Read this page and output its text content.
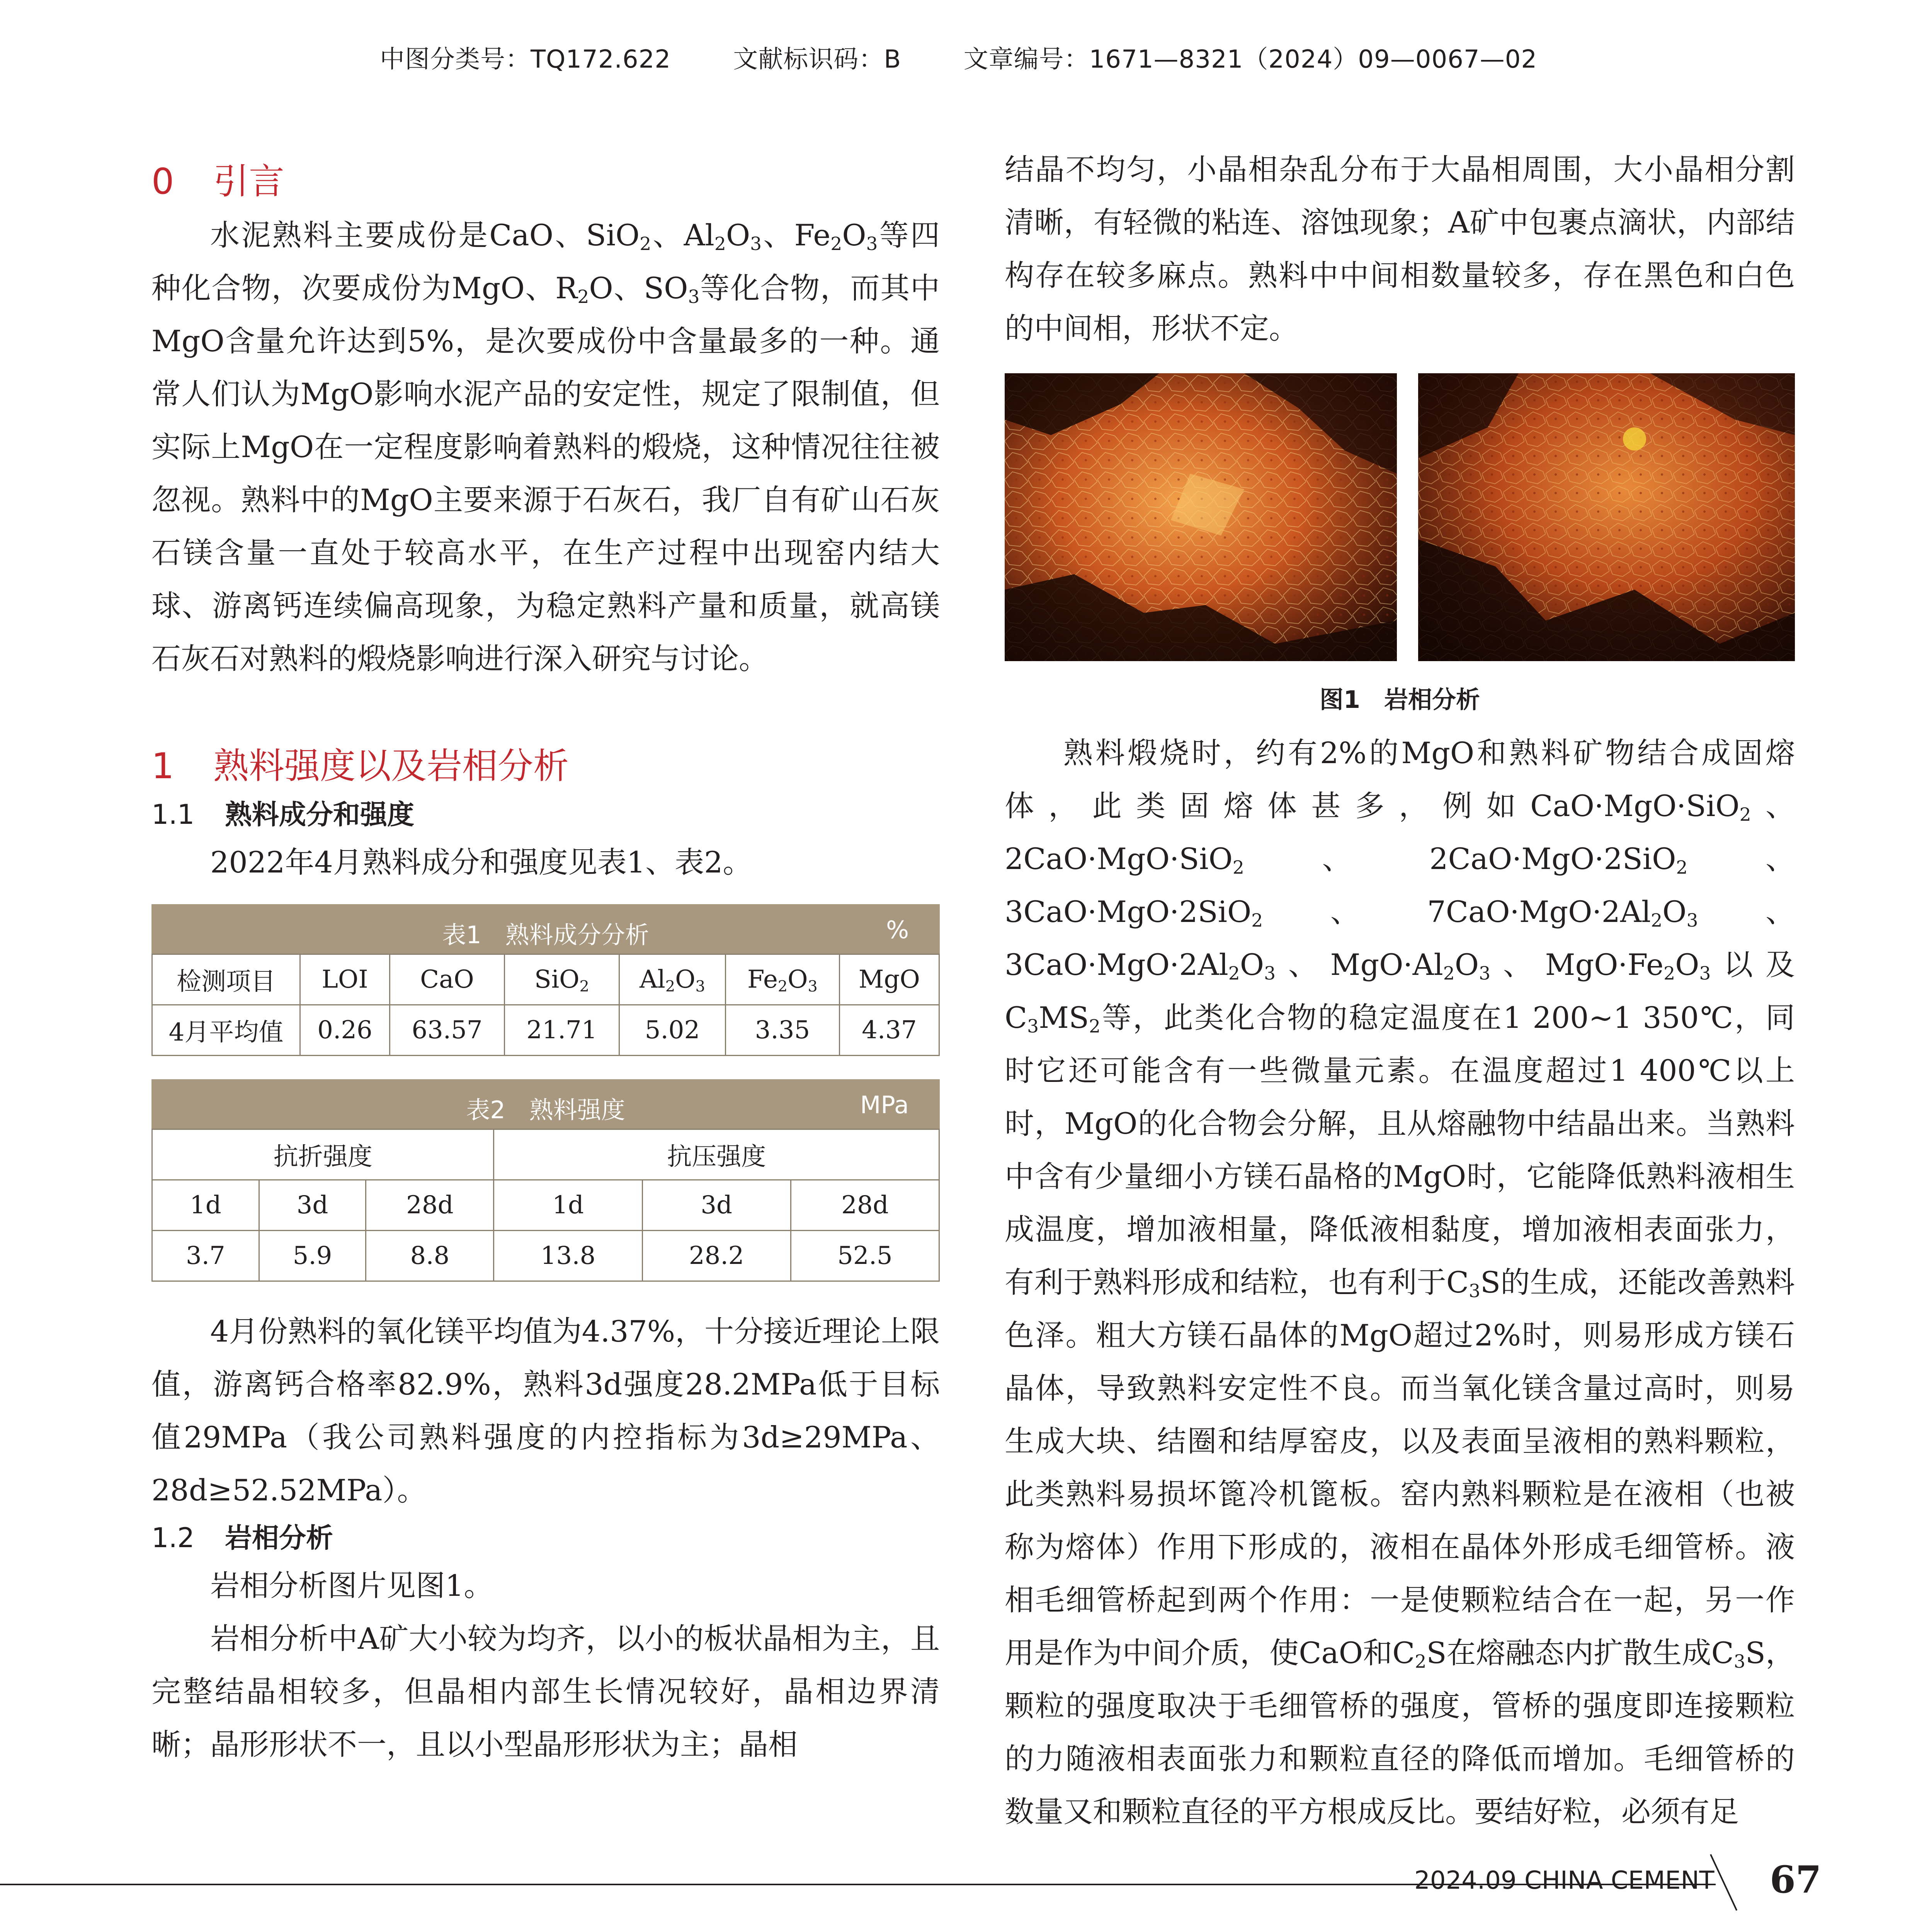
中图分类号：TQ172.622	文献标识码：B	文章编号：1671—8321（2024）09—0067—02
0 引言

水泥熟料主要成份是CaO、SiO$_2$、$Al_2O_3$、$Fe_2O_3$等四种化合物，次要成份为MgO、$R_2O$、$SO_3$等化合物，而其中MgO含量允许达到5%，是次要成份中含量最多的一种。通常人们认为MgO影响水泥产品的安定性，规定了限制值，但实际上MgO在一定程度影响着熟料的煅烧，这种情况往往被忽视。熟料中的MgO主要来源于石灰石，我厂自有矿山石灰石镁含量一直处于较高水平，在生产过程中出现窑内结大球、游离钙连续偏高现象，为稳定熟料产量和质量，就高镁石灰石对熟料的煅烧影响进行深入研究与讨论。

1 熟料强度以及岩相分析
1.1 熟料成分和强度

2022年4月熟料成分和强度见表1、表2。

表1　熟料成分分析	%
检测项目	LOI	CaO	SiO$_2$	$Al_2O_3$	$Fe_2O_3$	MgO
4月平均值	0.26	63.57	21.71	5.02	3.35	4.37
表2　熟料强度	MPa
抗折强度			抗压强度		
1d	3d	28d	1d	3d	28d
3.7	5.9	8.8	13.8	28.2	52.5

4月份熟料的氧化镁平均值为4.37%，十分接近理论上限值，游离钙合格率82.9%，熟料3d强度28.2MPa低于目标值29MPa（我公司熟料强度的内控指标为3d≥29MPa、28d≥52.52MPa）。

1.2 岩相分析

岩相分析图片见图1。

岩相分析中A矿大小较为均齐，以小的板状晶相为主，且完整结晶相较多，但晶相内部生长情况较好，晶相边界清晰；晶形形状不一，且以小型晶形形状为主；晶相

结晶不均匀，小晶相杂乱分布于大晶相周围，大小晶相分割清晰，有轻微的粘连、溶蚀现象；A矿中包裹点滴状，内部结构存在较多麻点。熟料中中间相数量较多，存在黑色和白色的中间相，形状不定。

图1　岩相分析

熟料煅烧时，约有2%的MgO和熟料矿物结合成固熔体，此类固熔体甚多，例如CaO·MgO·SiO$_2$、2CaO·MgO·SiO$_2$、2CaO·MgO·2SiO$_2$、3CaO·MgO·2SiO$_2$、$7CaO\cdot MgO\cdot 2Al_2O_3$、$3CaO\cdot MgO\cdot 2Al_2O_3$、$MgO\cdot Al_2O_3$、$MgO\cdot Fe_2O_3$以及$C_3MS_2$等，此类化合物的稳定温度在1 200~1 350℃，同时它还可能含有一些微量元素。在温度超过1 400℃以上时，MgO的化合物会分解，且从熔融物中结晶出来。当熟料中含有少量细小方镁石晶格的MgO时，它能降低熟料液相生成温度，增加液相量，降低液相黏度，增加液相表面张力，有利于熟料形成和结粒，也有利于$C_3S$的生成，还能改善熟料色泽。粗大方镁石晶体的MgO超过2%时，则易形成方镁石晶体，导致熟料安定性不良。而当氧化镁含量过高时，则易生成大块、结圈和结厚窑皮，以及表面呈液相的熟料颗粒，此类熟料易损坏篦冷机篦板。窑内熟料颗粒是在液相（也被称为熔体）作用下形成的，液相在晶体外形成毛细管桥。液相毛细管桥起到两个作用：一是使颗粒结合在一起，另一作用是作为中间介质，使CaO和$C_2S$在熔融态内扩散生成$C_3S$，颗粒的强度取决于毛细管桥的强度，管桥的强度即连接颗粒的力随液相表面张力和颗粒直径的降低而增加。毛细管桥的数量又和颗粒直径的平方根成反比。要结好粒，必须有足

2024.09 CHINA CEMENT 67
